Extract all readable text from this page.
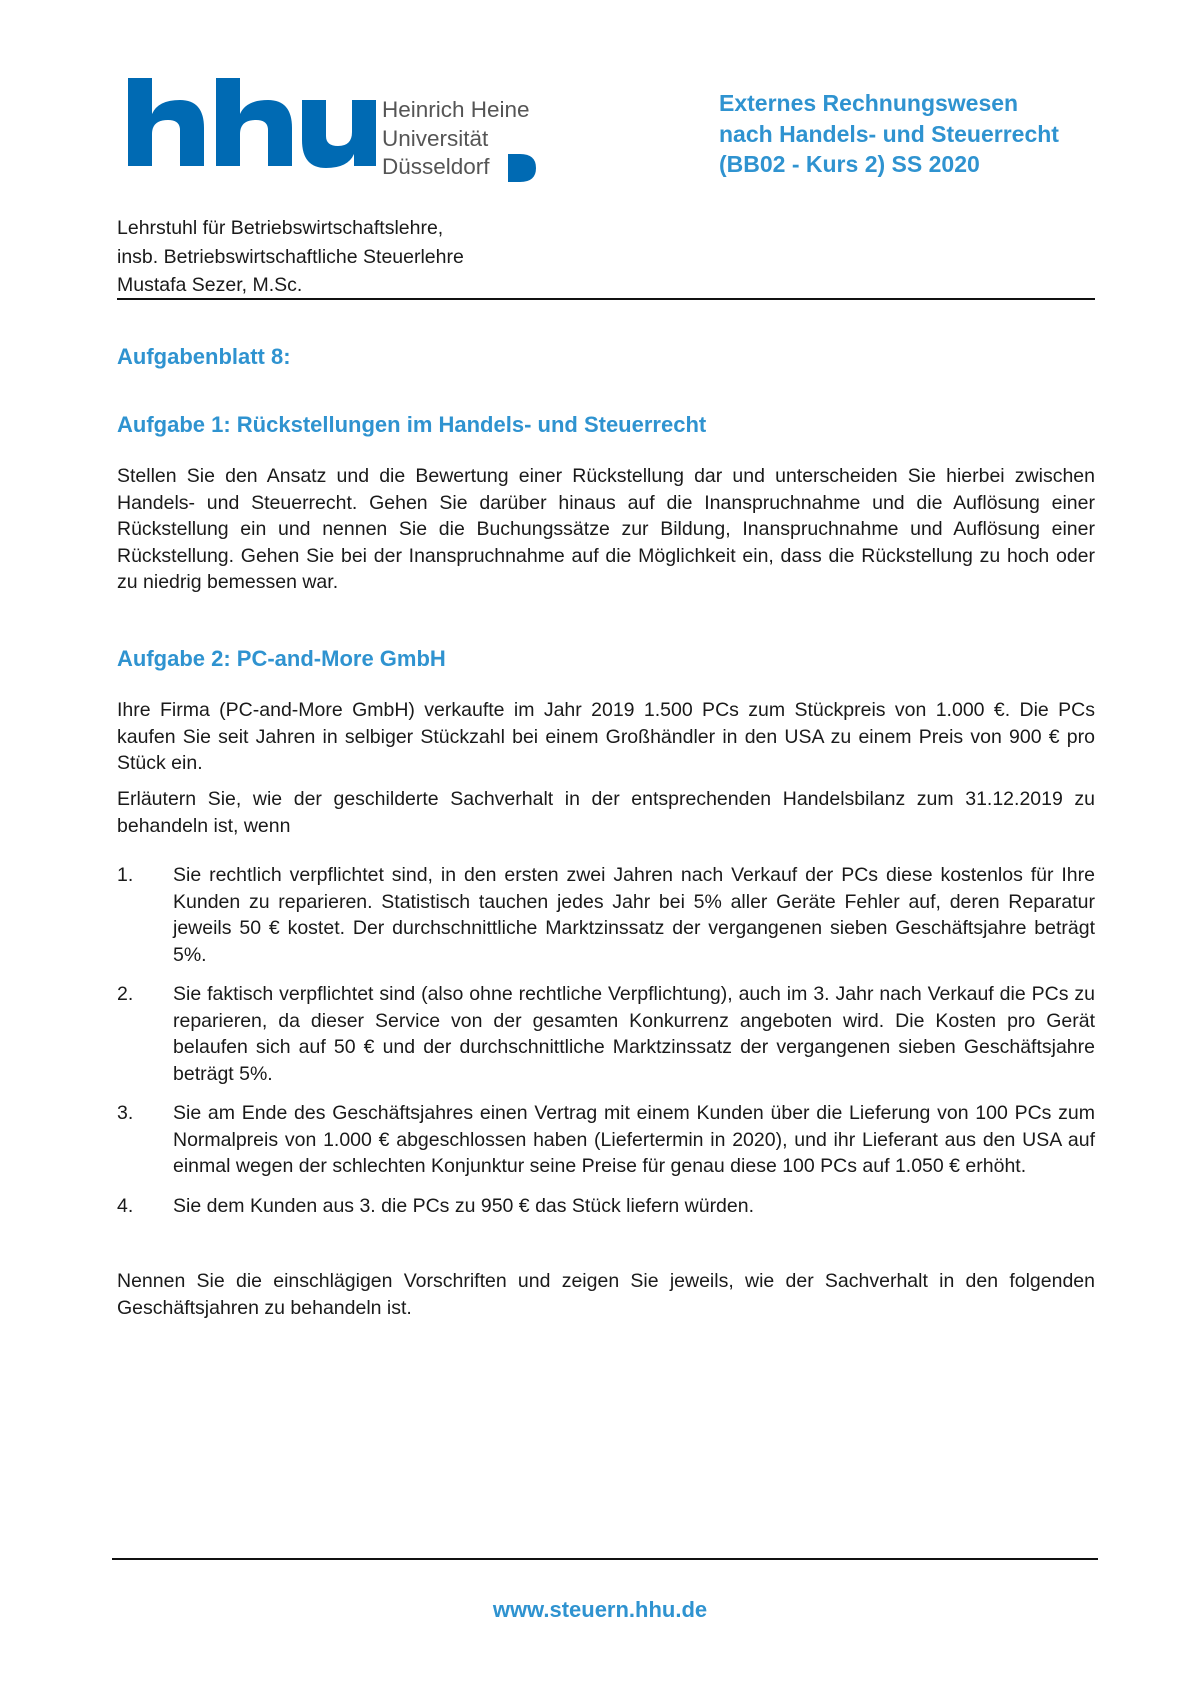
Heinrich Heine
Universität
Düsseldorf
Externes Rechnungswesen
nach Handels- und Steuerrecht
(BB02 - Kurs 2) SS 2020
Lehrstuhl für Betriebswirtschaftslehre,
insb. Betriebswirtschaftliche Steuerlehre
Mustafa Sezer, M.Sc.
Aufgabenblatt 8:
Aufgabe 1: Rückstellungen im Handels- und Steuerrecht

Stellen Sie den Ansatz und die Bewertung einer Rückstellung dar und unterscheiden Sie hierbei zwischen Handels- und Steuerrecht. Gehen Sie darüber hinaus auf die Inanspruchnahme und die Auflösung einer Rückstellung ein und nennen Sie die Buchungssätze zur Bildung, Inanspruchnahme und Auflösung einer Rückstellung. Gehen Sie bei der Inanspruchnahme auf die Möglichkeit ein, dass die Rückstellung zu hoch oder zu niedrig bemessen war.

Aufgabe 2: PC-and-More GmbH

Ihre Firma (PC-and-More GmbH) verkaufte im Jahr 2019 1.500 PCs zum Stückpreis von 1.000 €. Die PCs kaufen Sie seit Jahren in selbiger Stückzahl bei einem Großhändler in den USA zu einem Preis von 900 € pro Stück ein.

Erläutern Sie, wie der geschilderte Sachverhalt in der entsprechenden Handelsbilanz zum 31.12.2019 zu behandeln ist, wenn

1. Sie rechtlich verpflichtet sind, in den ersten zwei Jahren nach Verkauf der PCs diese kostenlos für Ihre Kunden zu reparieren. Statistisch tauchen jedes Jahr bei 5% aller Geräte Fehler auf, deren Reparatur jeweils 50 € kostet. Der durchschnittliche Marktzinssatz der vergangenen sieben Geschäftsjahre beträgt 5%.
2. Sie faktisch verpflichtet sind (also ohne rechtliche Verpflichtung), auch im 3. Jahr nach Verkauf die PCs zu reparieren, da dieser Service von der gesamten Konkurrenz angeboten wird. Die Kosten pro Gerät belaufen sich auf 50 € und der durchschnittliche Marktzinssatz der vergangenen sieben Geschäftsjahre beträgt 5%.
3. Sie am Ende des Geschäftsjahres einen Vertrag mit einem Kunden über die Lieferung von 100 PCs zum Normalpreis von 1.000 € abgeschlossen haben (Liefertermin in 2020), und ihr Lieferant aus den USA auf einmal wegen der schlechten Konjunktur seine Preise für genau diese 100 PCs auf 1.050 € erhöht.
4. Sie dem Kunden aus 3. die PCs zu 950 € das Stück liefern würden.

Nennen Sie die einschlägigen Vorschriften und zeigen Sie jeweils, wie der Sachverhalt in den folgenden Geschäftsjahren zu behandeln ist.

www.steuern.hhu.de
